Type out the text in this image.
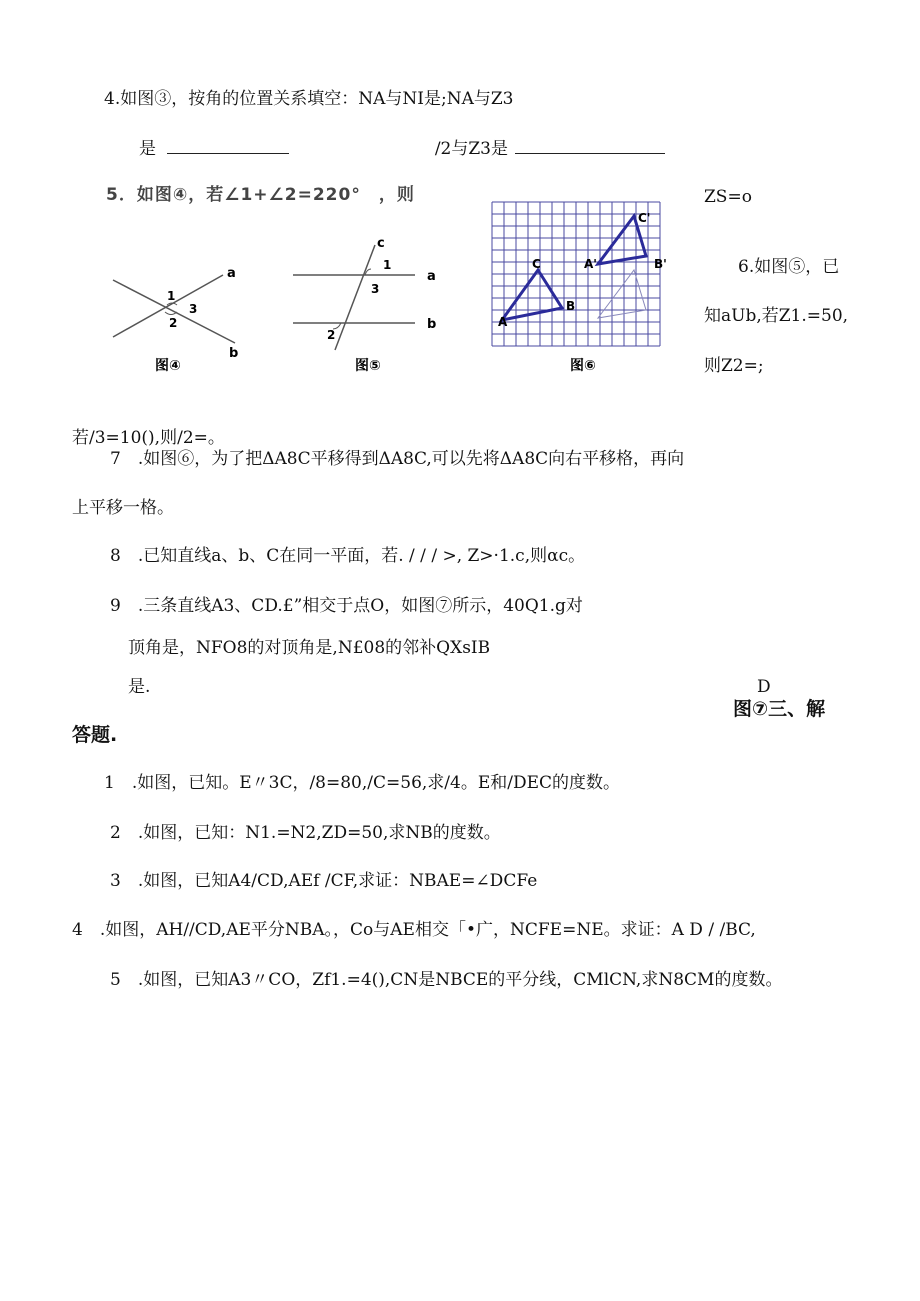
4.如图③，按角的位置关系填空：NA与NI是;NA与Z3
是	/2与Z3是
5．如图④，若∠1+∠2=220°　，则	ZS=o
6.如图⑤，已
知aUb,若Z1.=50,
则Z2=;
若/3=10(),则/2=。
a
b
1
2
3
图④
c
1
3
a
2
b
图⑤
C
A
B
C'
A'	B'
图⑥
7　.如图⑥，为了把ΔA8C平移得到ΔA8C,可以先将ΔA8C向右平移格，再向
上平移一格。
8　.已知直线a、b、C在同一平面，若. / / / >, Z>·1.c,则αc。
9　.三条直线A3、CD.£”相交于点O，如图⑦所示，40Q1.g对
顶角是，NFO8的对顶角是,N£08的邻补QXsIB
是.	D
图⑦三、解
答题.
1　.如图，已知。E〃3C，/8=80,/C=56,求/4。E和/DEC的度数。
2　.如图，已知：N1.=N2,ZD=50,求NB的度数。
3　.如图，已知A4/CD,AEf /CF,求证：NBAE=∠DCFe
4　.如图，AH//CD,AE平分NBA。，Co与AE相交「•广，NCFE=NE。求证：A D / /BC,
5　.如图，已知A3〃CO，Zf1.=4(),CN是NBCE的平分线，CMlCN,求N8CM的度数。
